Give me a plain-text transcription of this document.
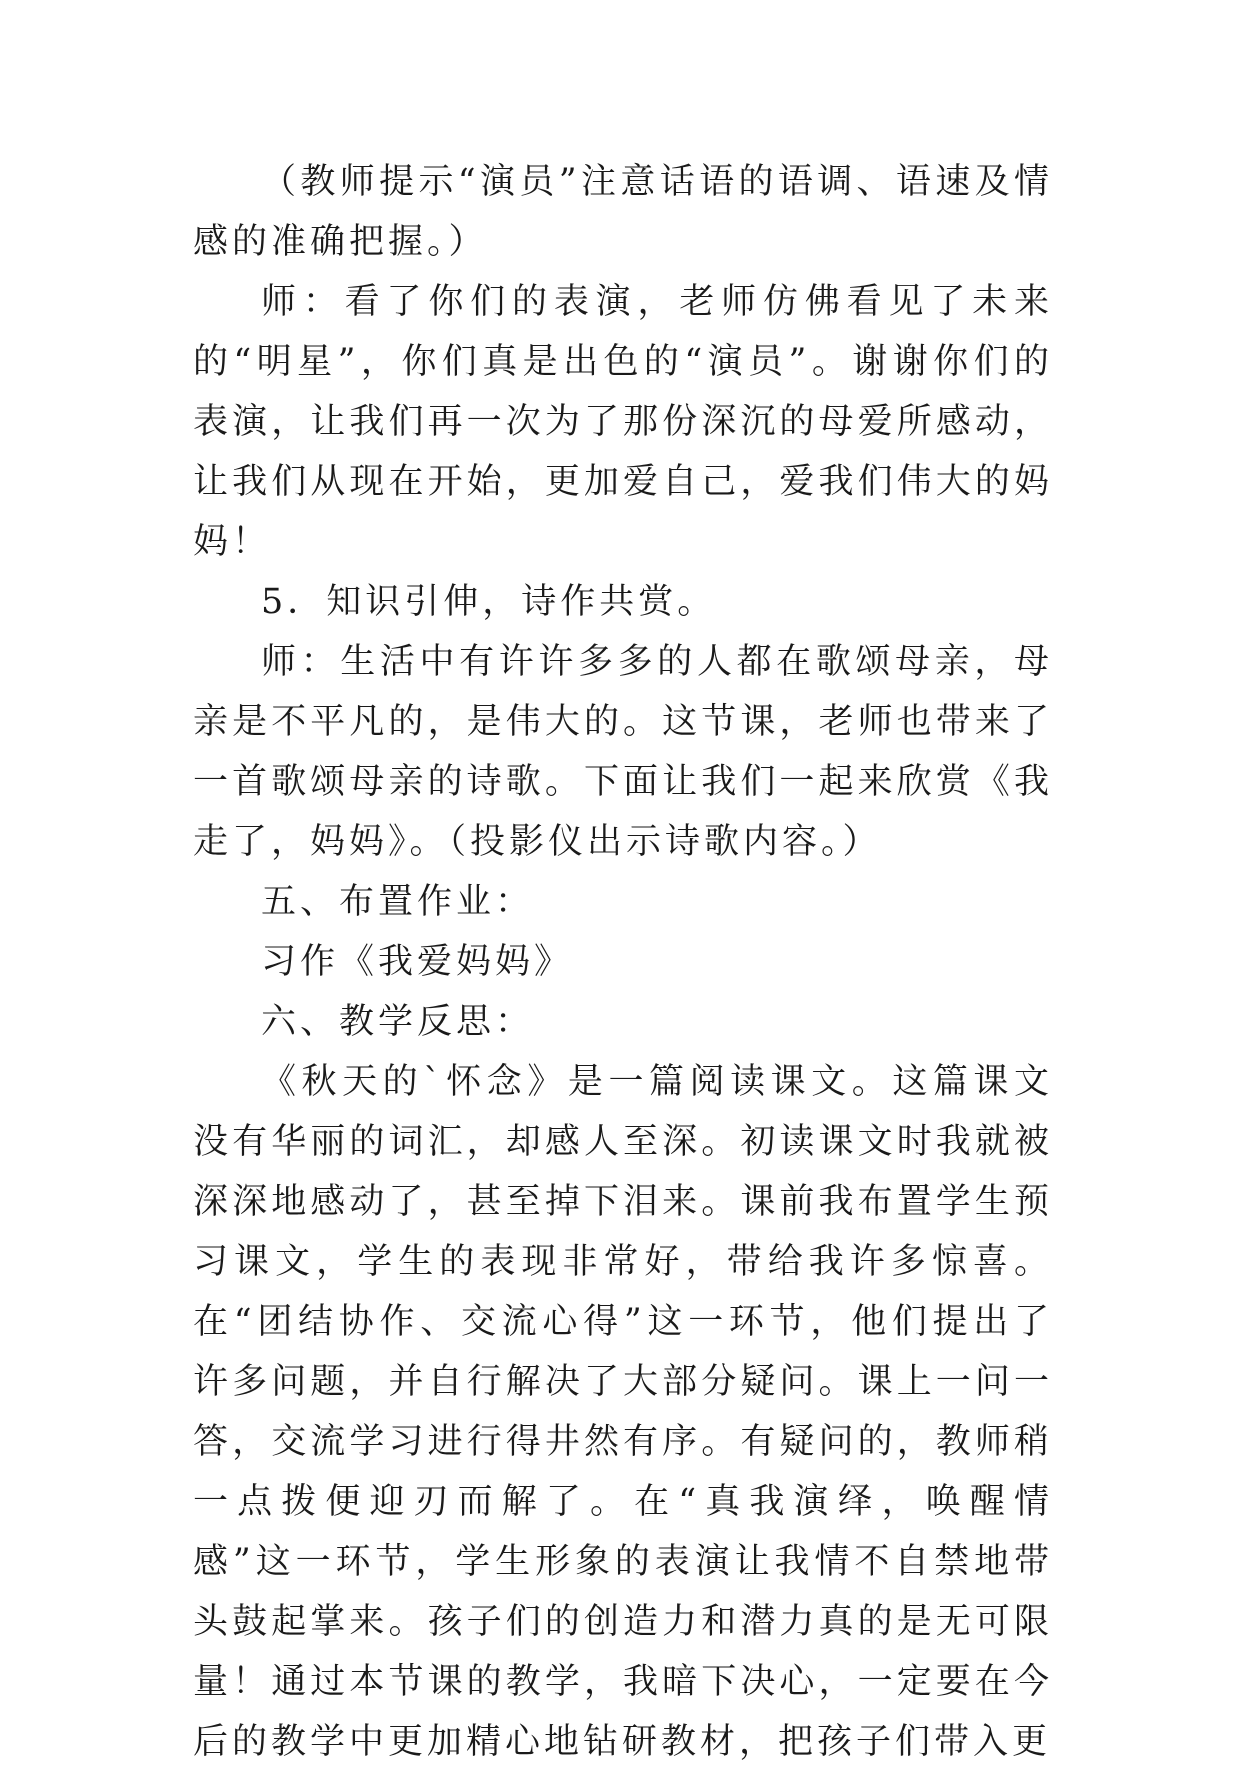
（教师提示“演员”注意话语的语调、语速及情感的准确把握。）

师：看了你们的表演，老师仿佛看见了未来的“明星”，你们真是出色的“演员”。谢谢你们的表演，让我们再一次为了那份深沉的母爱所感动，让我们从现在开始，更加爱自己，爱我们伟大的妈妈！

5．知识引伸，诗作共赏。

师：生活中有许许多多的人都在歌颂母亲，母亲是不平凡的，是伟大的。这节课，老师也带来了一首歌颂母亲的诗歌。下面让我们一起来欣赏《我走了，妈妈》。（投影仪出示诗歌内容。）

五、布置作业：

习作《我爱妈妈》

六、教学反思：

《秋天的`怀念》是一篇阅读课文。这篇课文没有华丽的词汇，却感人至深。初读课文时我就被深深地感动了，甚至掉下泪来。课前我布置学生预习课文，学生的表现非常好，带给我许多惊喜。在“团结协作、交流心得”这一环节，他们提出了许多问题，并自行解决了大部分疑问。课上一问一答，交流学习进行得井然有序。有疑问的，教师稍一点拨便迎刃而解了。在“真我演绎，唤醒情感”这一环节，学生形象的表演让我情不自禁地带头鼓起掌来。孩子们的创造力和潜力真的是无可限量！通过本节课的教学，我暗下决心，一定要在今后的教学中更加精心地钻研教材，把孩子们带入更
